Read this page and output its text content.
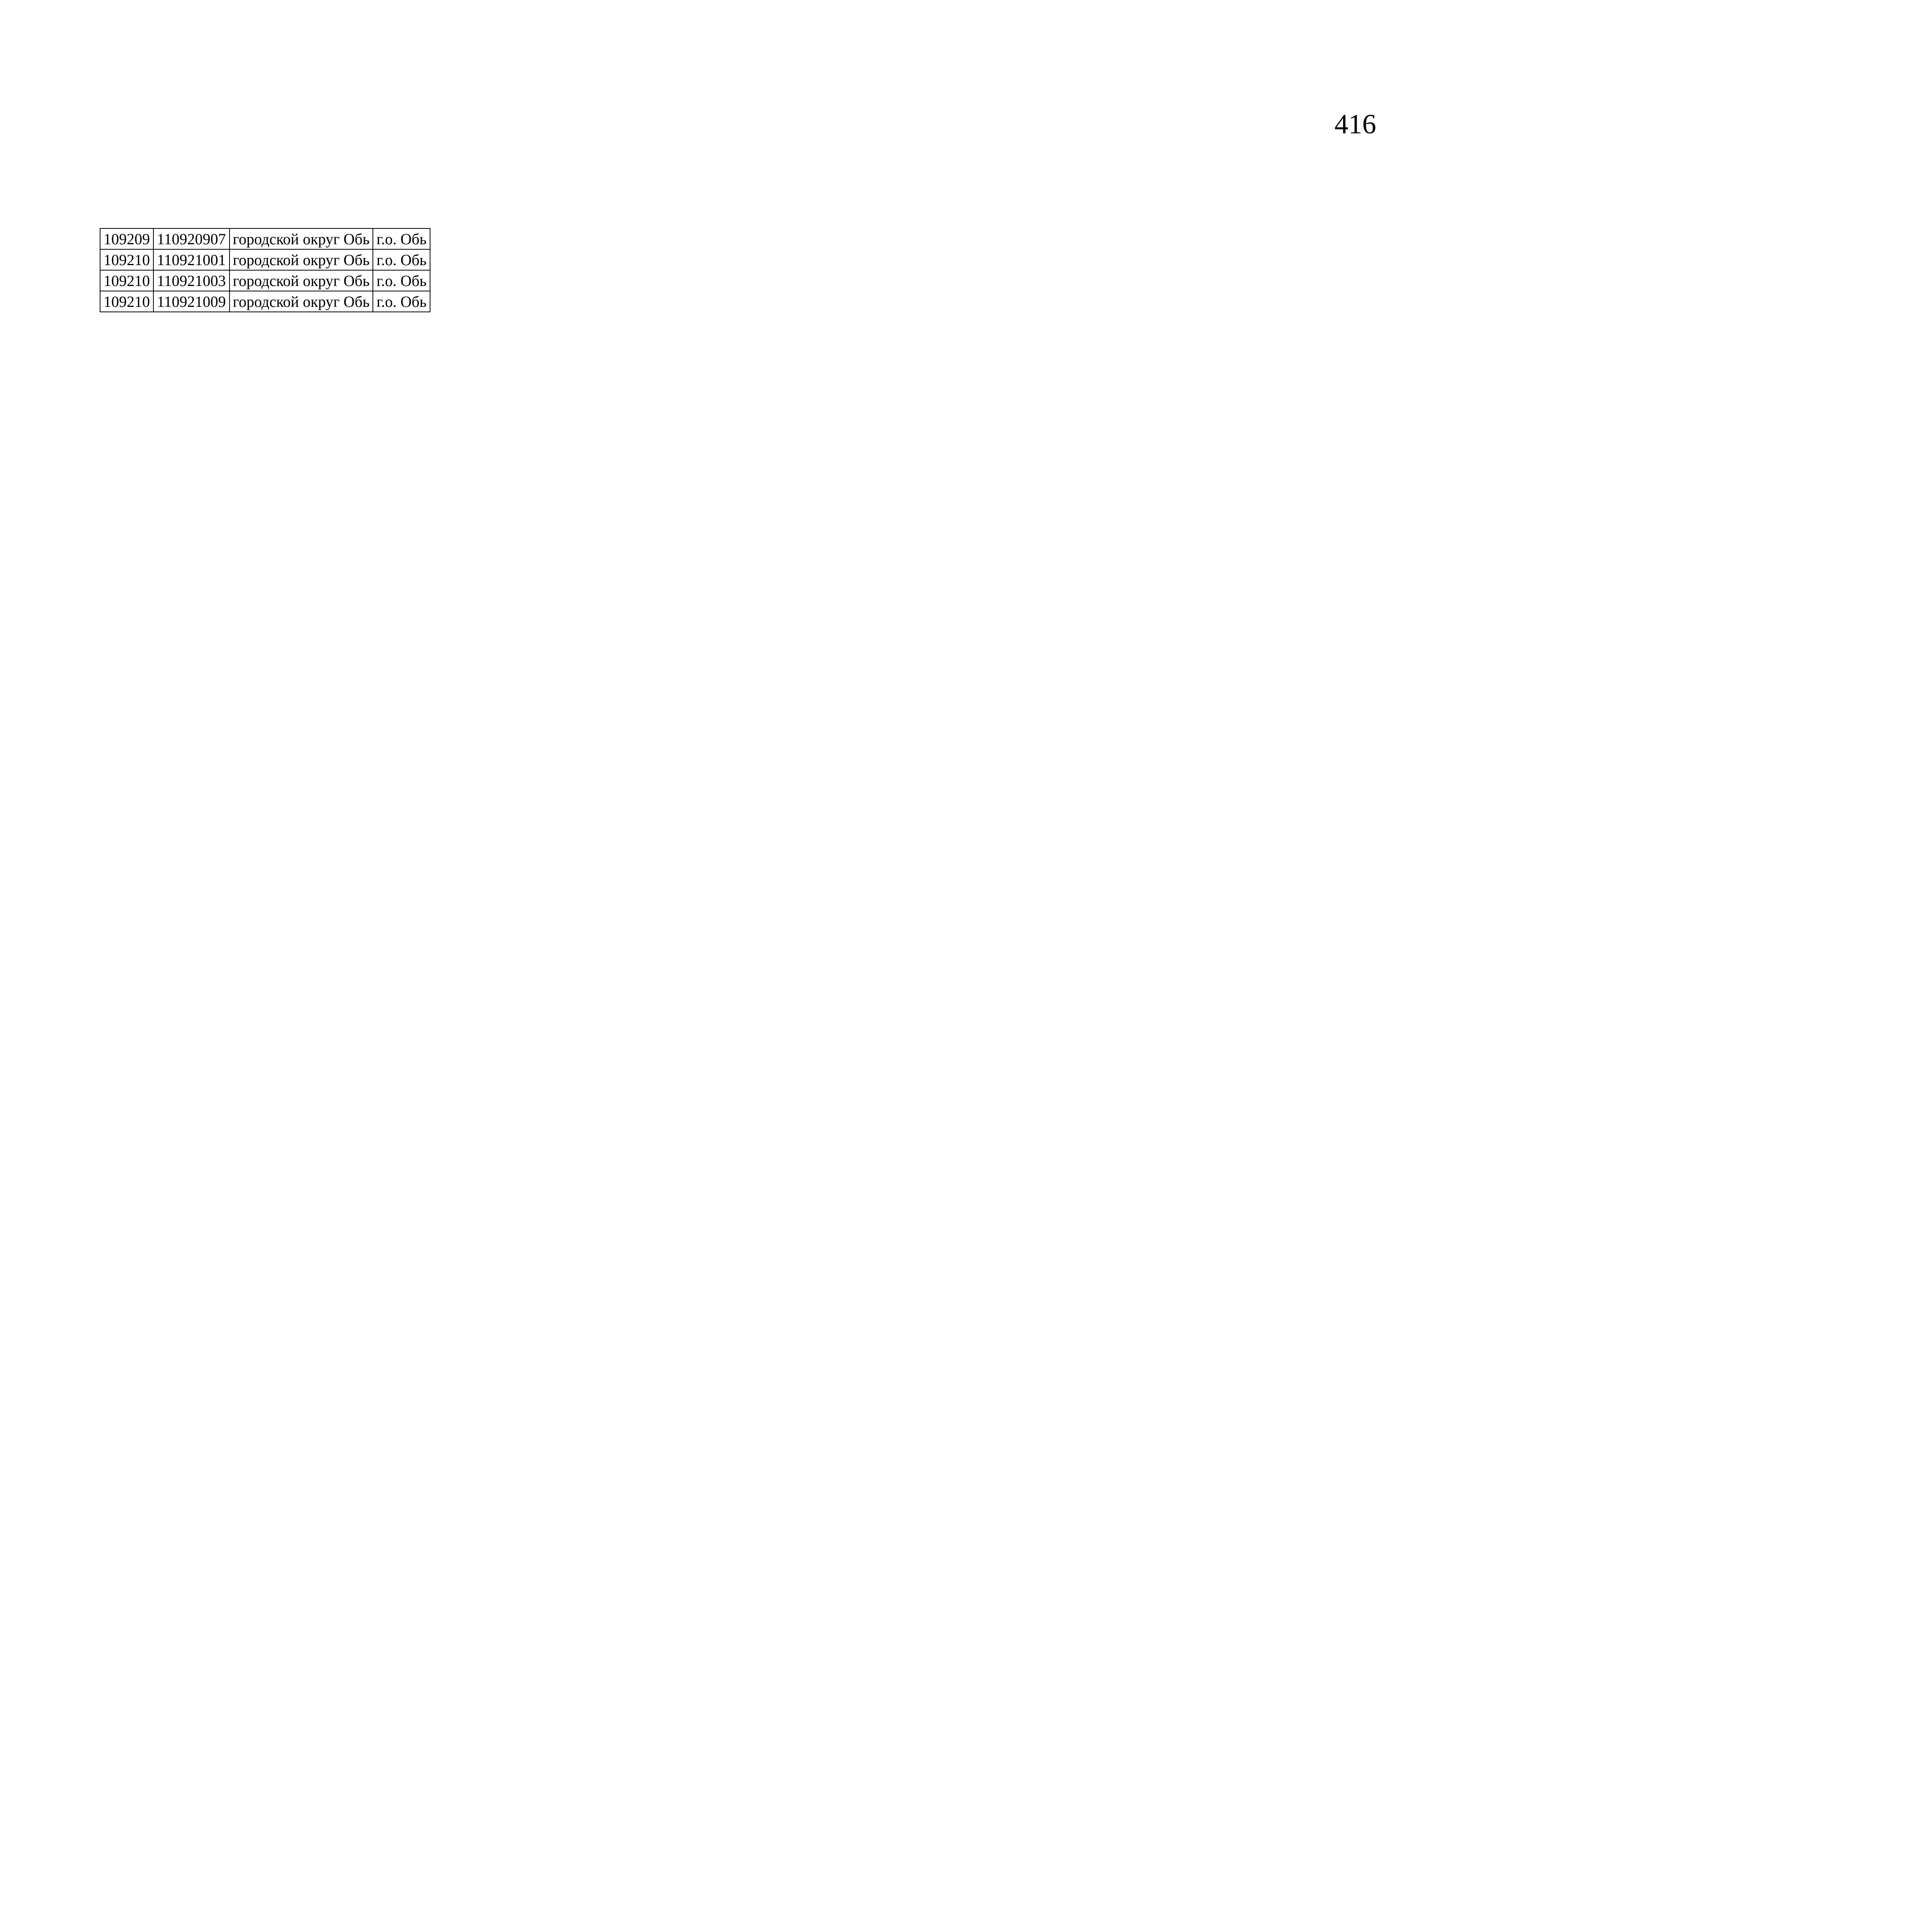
416
109209	110920907	городской округ Обь	г.о. Обь
109210	110921001	городской округ Обь	г.о. Обь
109210	110921003	городской округ Обь	г.о. Обь
109210	110921009	городской округ Обь	г.о. Обь
